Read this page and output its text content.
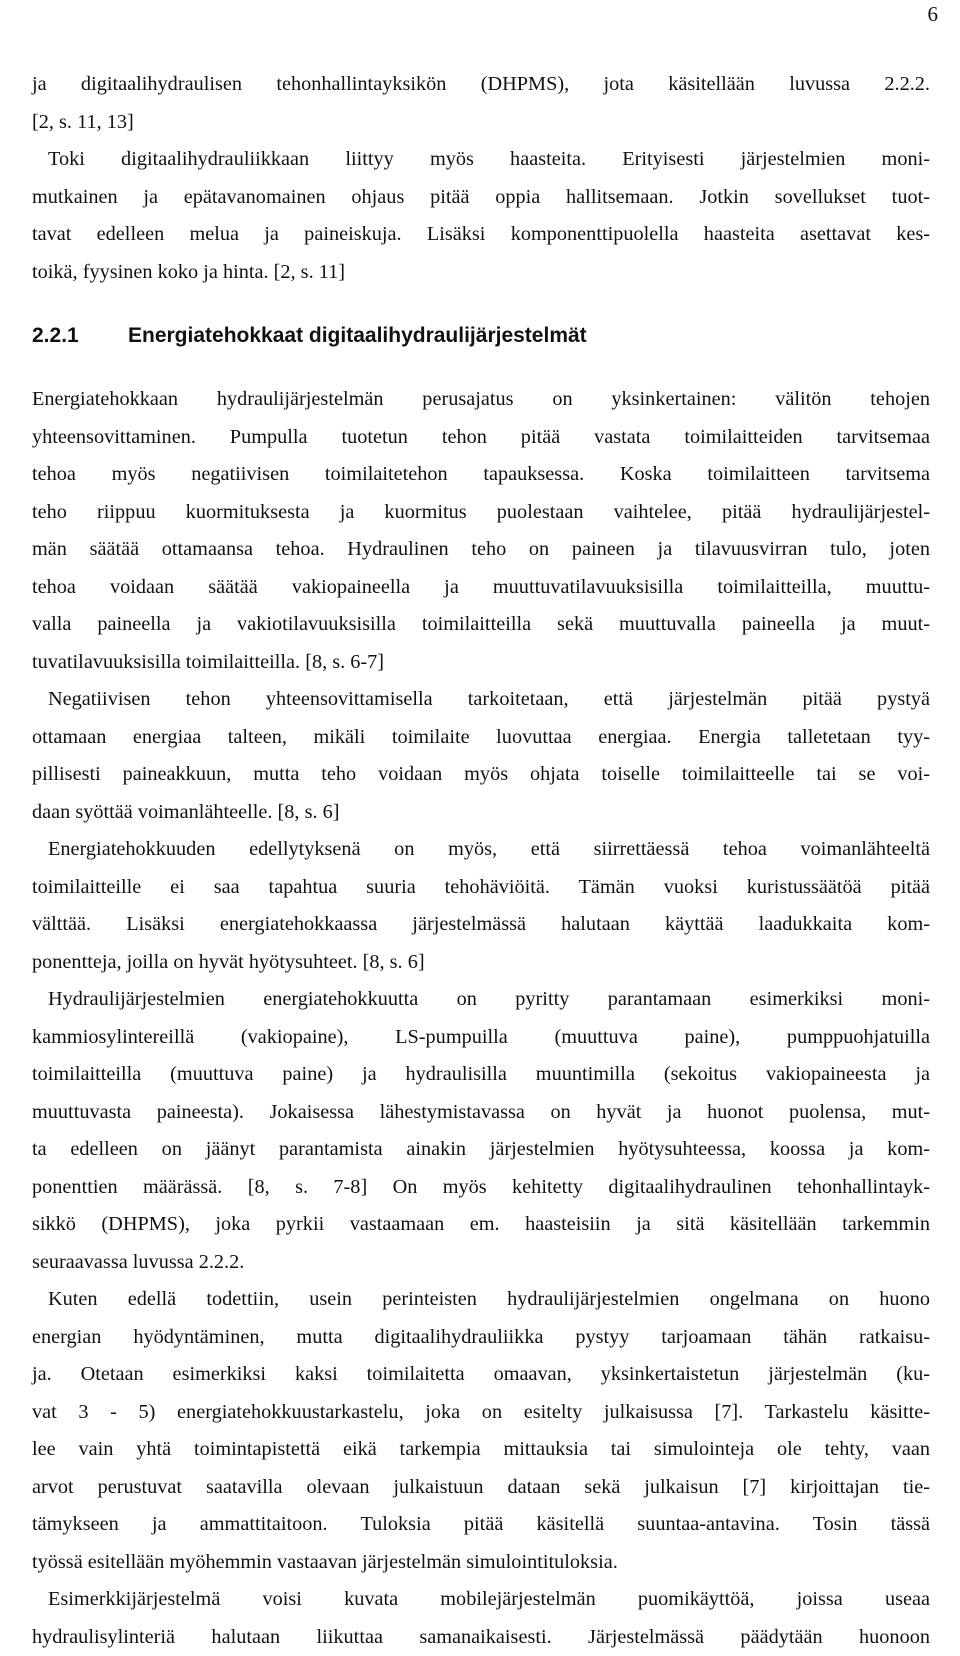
6
ja digitaalihydraulisen tehonhallintayksikön (DHPMS), jota käsitellään luvussa 2.2.2.
[2, s. 11, 13]
Toki digitaalihydrauliikkaan liittyy myös haasteita. Erityisesti järjestelmien moni-
mutkainen ja epätavanomainen ohjaus pitää oppia hallitsemaan. Jotkin sovellukset tuot-
tavat edelleen melua ja paineiskuja. Lisäksi komponenttipuolella haasteita asettavat kes-
toikä, fyysinen koko ja hinta. [2, s. 11]
2.2.1 Energiatehokkaat digitaalihydraulijärjestelmät
Energiatehokkaan hydraulijärjestelmän perusajatus on yksinkertainen: välitön tehojen
yhteensovittaminen. Pumpulla tuotetun tehon pitää vastata toimilaitteiden tarvitsemaa
tehoa myös negatiivisen toimilaitetehon tapauksessa. Koska toimilaitteen tarvitsema
teho riippuu kuormituksesta ja kuormitus puolestaan vaihtelee, pitää hydraulijärjestel-
män säätää ottamaansa tehoa. Hydraulinen teho on paineen ja tilavuusvirran tulo, joten
tehoa voidaan säätää vakiopaineella ja muuttuvatilavuuksisilla toimilaitteilla, muuttu-
valla paineella ja vakiotilavuuksisilla toimilaitteilla sekä muuttuvalla paineella ja muut-
tuvatilavuuksisilla toimilaitteilla. [8, s. 6-7]
Negatiivisen tehon yhteensovittamisella tarkoitetaan, että järjestelmän pitää pystyä
ottamaan energiaa talteen, mikäli toimilaite luovuttaa energiaa. Energia talletetaan tyy-
pillisesti paineakkuun, mutta teho voidaan myös ohjata toiselle toimilaitteelle tai se voi-
daan syöttää voimanlähteelle. [8, s. 6]
Energiatehokkuuden edellytyksenä on myös, että siirrettäessä tehoa voimanlähteeltä
toimilaitteille ei saa tapahtua suuria tehohäviöitä. Tämän vuoksi kuristussäätöä pitää
välttää. Lisäksi energiatehokkaassa järjestelmässä halutaan käyttää laadukkaita kom-
ponentteja, joilla on hyvät hyötysuhteet. [8, s. 6]
Hydraulijärjestelmien energiatehokkuutta on pyritty parantamaan esimerkiksi moni-
kammiosylintereillä (vakiopaine), LS-pumpuilla (muuttuva paine), pumppuohjatuilla
toimilaitteilla (muuttuva paine) ja hydraulisilla muuntimilla (sekoitus vakiopaineesta ja
muuttuvasta paineesta). Jokaisessa lähestymistavassa on hyvät ja huonot puolensa, mut-
ta edelleen on jäänyt parantamista ainakin järjestelmien hyötysuhteessa, koossa ja kom-
ponenttien määrässä. [8, s. 7-8] On myös kehitetty digitaalihydraulinen tehonhallintayk-
sikkö (DHPMS), joka pyrkii vastaamaan em. haasteisiin ja sitä käsitellään tarkemmin
seuraavassa luvussa 2.2.2.
Kuten edellä todettiin, usein perinteisten hydraulijärjestelmien ongelmana on huono
energian hyödyntäminen, mutta digitaalihydrauliikka pystyy tarjoamaan tähän ratkaisu-
ja. Otetaan esimerkiksi kaksi toimilaitetta omaavan, yksinkertaistetun järjestelmän (ku-
vat 3 - 5) energiatehokkuustarkastelu, joka on esitelty julkaisussa [7]. Tarkastelu käsitte-
lee vain yhtä toimintapistettä eikä tarkempia mittauksia tai simulointeja ole tehty, vaan
arvot perustuvat saatavilla olevaan julkaistuun dataan sekä julkaisun [7] kirjoittajan tie-
tämykseen ja ammattitaitoon. Tuloksia pitää käsitellä suuntaa-antavina. Tosin tässä
työssä esitellään myöhemmin vastaavan järjestelmän simulointituloksia.
Esimerkkijärjestelmä voisi kuvata mobilejärjestelmän puomikäyttöä, joissa useaa
hydraulisylinteriä halutaan liikuttaa samanaikaisesti. Järjestelmässä päädytään huonoon
